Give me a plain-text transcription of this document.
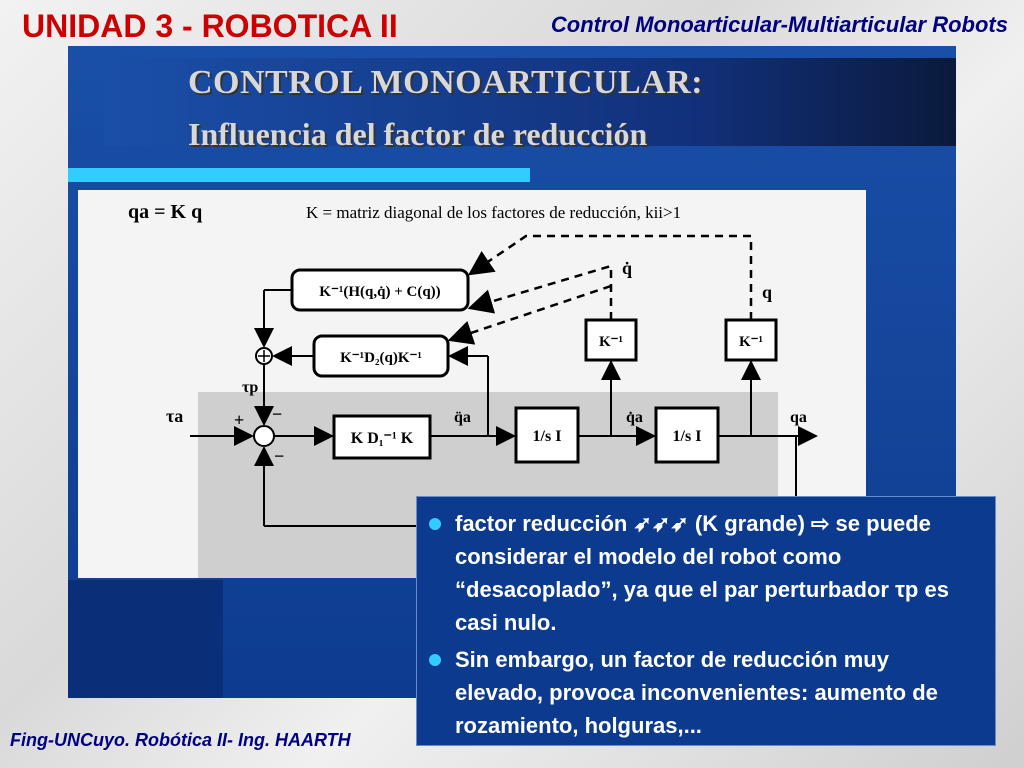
UNIDAD 3 - ROBOTICA II	Control Monoarticular-Multiarticular Robots
CONTROL MONOARTICULAR:
Influencia del factor de reducción
qa = K q	K = matriz diagonal de los factores de reducción, kii>1
K⁻¹(H(q,q̇) + C(q))
K⁻¹D₂(q)K⁻¹
K D₁⁻¹ K	1/s I	1/s I
K⁻¹	K⁻¹
τa
τp
q̈a	q̇a	qa
q̇
q
+ −
−
factor reducción ➶➶➶ (K grande) ⇨ se puede considerar el modelo del robot como “desacoplado”, ya que el par perturbador τp es casi nulo.
Sin embargo, un factor de reducción muy elevado, provoca inconvenientes: aumento de rozamiento, holguras,...
Fing-UNCuyo. Robótica II- Ing. HAARTH
